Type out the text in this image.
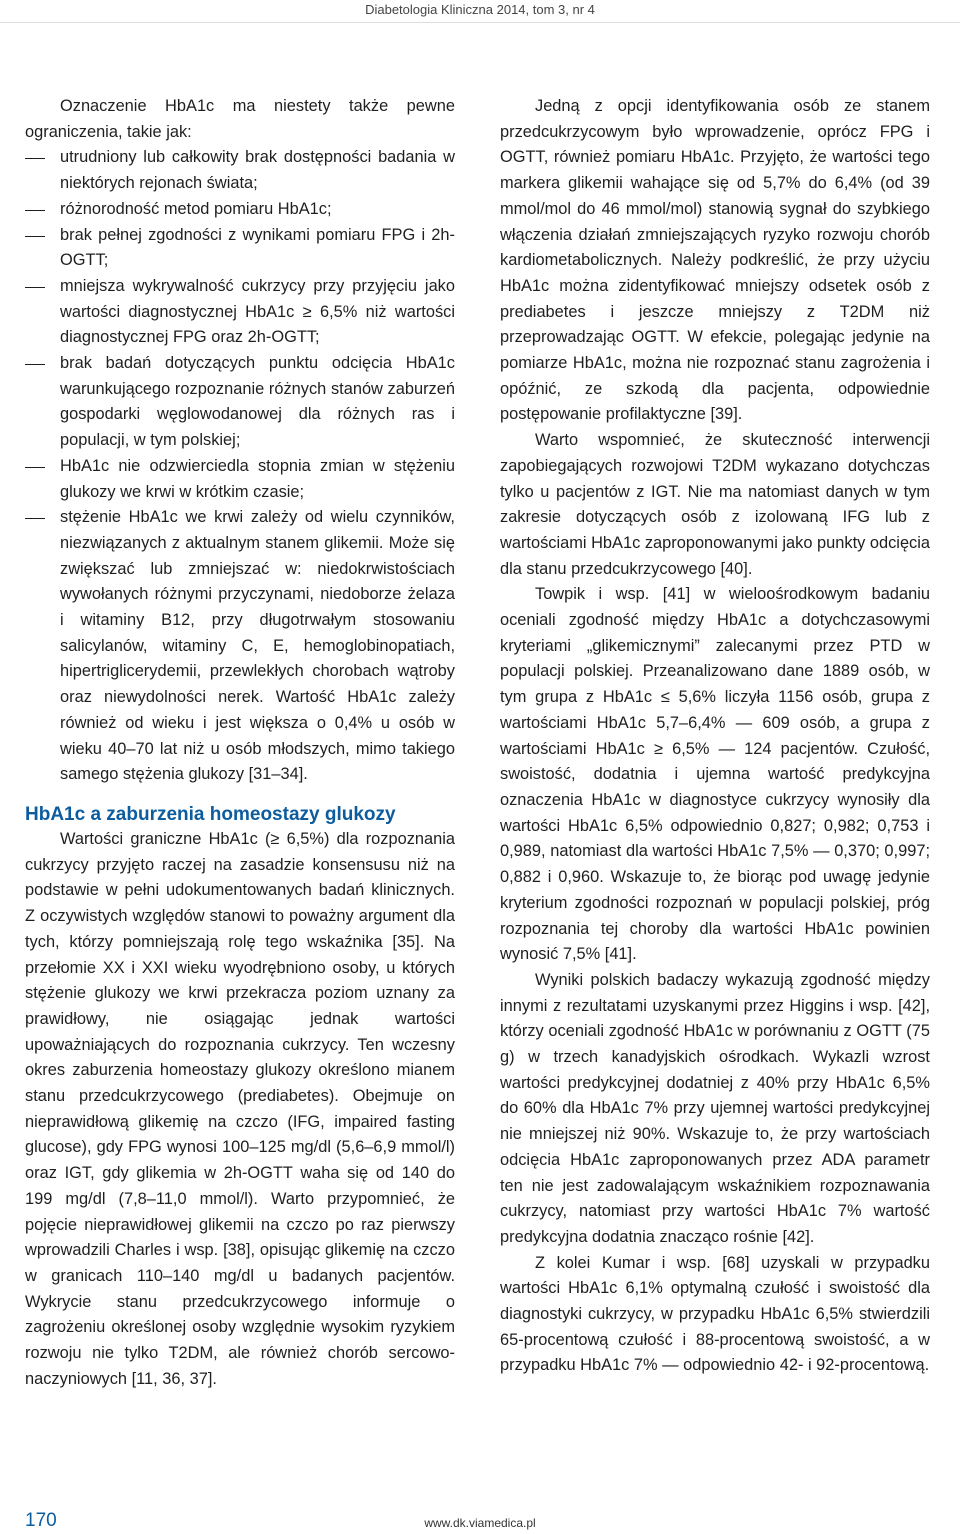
Diabetologia Kliniczna 2014, tom 3, nr 4

Oznaczenie HbA1c ma niestety także pewne ograniczenia, takie jak:

utrudniony lub całkowity brak dostępności badania w niektórych rejonach świata;
różnorodność metod pomiaru HbA1c;
brak pełnej zgodności z wynikami pomiaru FPG i 2h-OGTT;
mniejsza wykrywalność cukrzycy przy przyjęciu jako wartości diagnostycznej HbA1c ≥ 6,5% niż wartości diagnostycznej FPG oraz 2h-OGTT;
brak badań dotyczących punktu odcięcia HbA1c warunkującego rozpoznanie różnych stanów zaburzeń gospodarki węglowodanowej dla różnych ras i populacji, w tym polskiej;
HbA1c nie odzwierciedla stopnia zmian w stężeniu glukozy we krwi w krótkim czasie;
stężenie HbA1c we krwi zależy od wielu czynników, niezwiązanych z aktualnym stanem glikemii. Może się zwiększać lub zmniejszać w: niedokrwistościach wywołanych różnymi przyczynami, niedoborze żelaza i witaminy B12, przy długotrwałym stosowaniu salicylanów, witaminy C, E, hemoglobinopatiach, hipertriglicerydemii, przewlekłych chorobach wątroby oraz niewydolności nerek. Wartość HbA1c zależy również od wieku i jest większa o 0,4% u osób w wieku 40–70 lat niż u osób młodszych, mimo takiego samego stężenia glukozy [31–34].
HbA1c a zaburzenia homeostazy glukozy

Wartości graniczne HbA1c (≥ 6,5%) dla rozpoznania cukrzycy przyjęto raczej na zasadzie konsensusu niż na podstawie w pełni udokumentowanych badań klinicznych. Z oczywistych względów stanowi to poważny argument dla tych, którzy pomniejszają rolę tego wskaźnika [35]. Na przełomie XX i XXI wieku wyodrębniono osoby, u których stężenie glukozy we krwi przekracza poziom uznany za prawidłowy, nie osiągając jednak wartości upoważniających do rozpoznania cukrzycy. Ten wczesny okres zaburzenia homeostazy glukozy określono mianem stanu przedcukrzycowego (prediabetes). Obejmuje on nieprawidłową glikemię na czczo (IFG, impaired fasting glucose), gdy FPG wynosi 100–125 mg/dl (5,6–6,9 mmol/l) oraz IGT, gdy glikemia w 2h-OGTT waha się od 140 do 199 mg/dl (7,8–11,0 mmol/l). Warto przypomnieć, że pojęcie nieprawidłowej glikemii na czczo po raz pierwszy wprowadzili Charles i wsp. [38], opisując glikemię na czczo w granicach 110–140 mg/dl u badanych pacjentów. Wykrycie stanu przedcukrzycowego informuje o zagrożeniu określonej osoby względnie wysokim ryzykiem rozwoju nie tylko T2DM, ale również chorób sercowo-naczyniowych [11, 36, 37].

Jedną z opcji identyfikowania osób ze stanem przedcukrzycowym było wprowadzenie, oprócz FPG i OGTT, również pomiaru HbA1c. Przyjęto, że wartości tego markera glikemii wahające się od 5,7% do 6,4% (od 39 mmol/mol do 46 mmol/mol) stanowią sygnał do szybkiego włączenia działań zmniejszających ryzyko rozwoju chorób kardiometabolicznych. Należy podkreślić, że przy użyciu HbA1c można zidentyfikować mniejszy odsetek osób z prediabetes i jeszcze mniejszy z T2DM niż przeprowadzając OGTT. W efekcie, polegając jedynie na pomiarze HbA1c, można nie rozpoznać stanu zagrożenia i opóźnić, ze szkodą dla pacjenta, odpowiednie postępowanie profilaktyczne [39].

Warto wspomnieć, że skuteczność interwencji zapobiegających rozwojowi T2DM wykazano dotychczas tylko u pacjentów z IGT. Nie ma natomiast danych w tym zakresie dotyczących osób z izolowaną IFG lub z wartościami HbA1c zaproponowanymi jako punkty odcięcia dla stanu przedcukrzycowego [40].

Towpik i wsp. [41] w wieloośrodkowym badaniu oceniali zgodność między HbA1c a dotychczasowymi kryteriami „glikemicznymi” zalecanymi przez PTD w populacji polskiej. Przeanalizowano dane 1889 osób, w tym grupa z HbA1c ≤ 5,6% liczyła 1156 osób, grupa z wartościami HbA1c 5,7–6,4% — 609 osób, a grupa z wartościami HbA1c ≥ 6,5% — 124 pacjentów. Czułość, swoistość, dodatnia i ujemna wartość predykcyjna oznaczenia HbA1c w diagnostyce cukrzycy wynosiły dla wartości HbA1c 6,5% odpowiednio 0,827; 0,982; 0,753 i 0,989, natomiast dla wartości HbA1c 7,5% — 0,370; 0,997; 0,882 i 0,960. Wskazuje to, że biorąc pod uwagę jedynie kryterium zgodności rozpoznań w populacji polskiej, próg rozpoznania tej choroby dla wartości HbA1c powinien wynosić 7,5% [41].

Wyniki polskich badaczy wykazują zgodność między innymi z rezultatami uzyskanymi przez Higgins i wsp. [42], którzy oceniali zgodność HbA1c w porównaniu z OGTT (75 g) w trzech kanadyjskich ośrodkach. Wykazli wzrost wartości predykcyjnej dodatniej z 40% przy HbA1c 6,5% do 60% dla HbA1c 7% przy ujemnej wartości predykcyjnej nie mniejszej niż 90%. Wskazuje to, że przy wartościach odcięcia HbA1c zaproponowanych przez ADA parametr ten nie jest zadowalającym wskaźnikiem rozpoznawania cukrzycy, natomiast przy wartości HbA1c 7% wartość predykcyjna dodatnia znacząco rośnie [42].

Z kolei Kumar i wsp. [68] uzyskali w przypadku wartości HbA1c 6,1% optymalną czułość i swoistość dla diagnostyki cukrzycy, w przypadku HbA1c 6,5% stwierdzili 65-procentową czułość i 88-procentową swoistość, a w przypadku HbA1c 7% — odpowiednio 42- i 92-procentową.

170	www.dk.viamedica.pl
